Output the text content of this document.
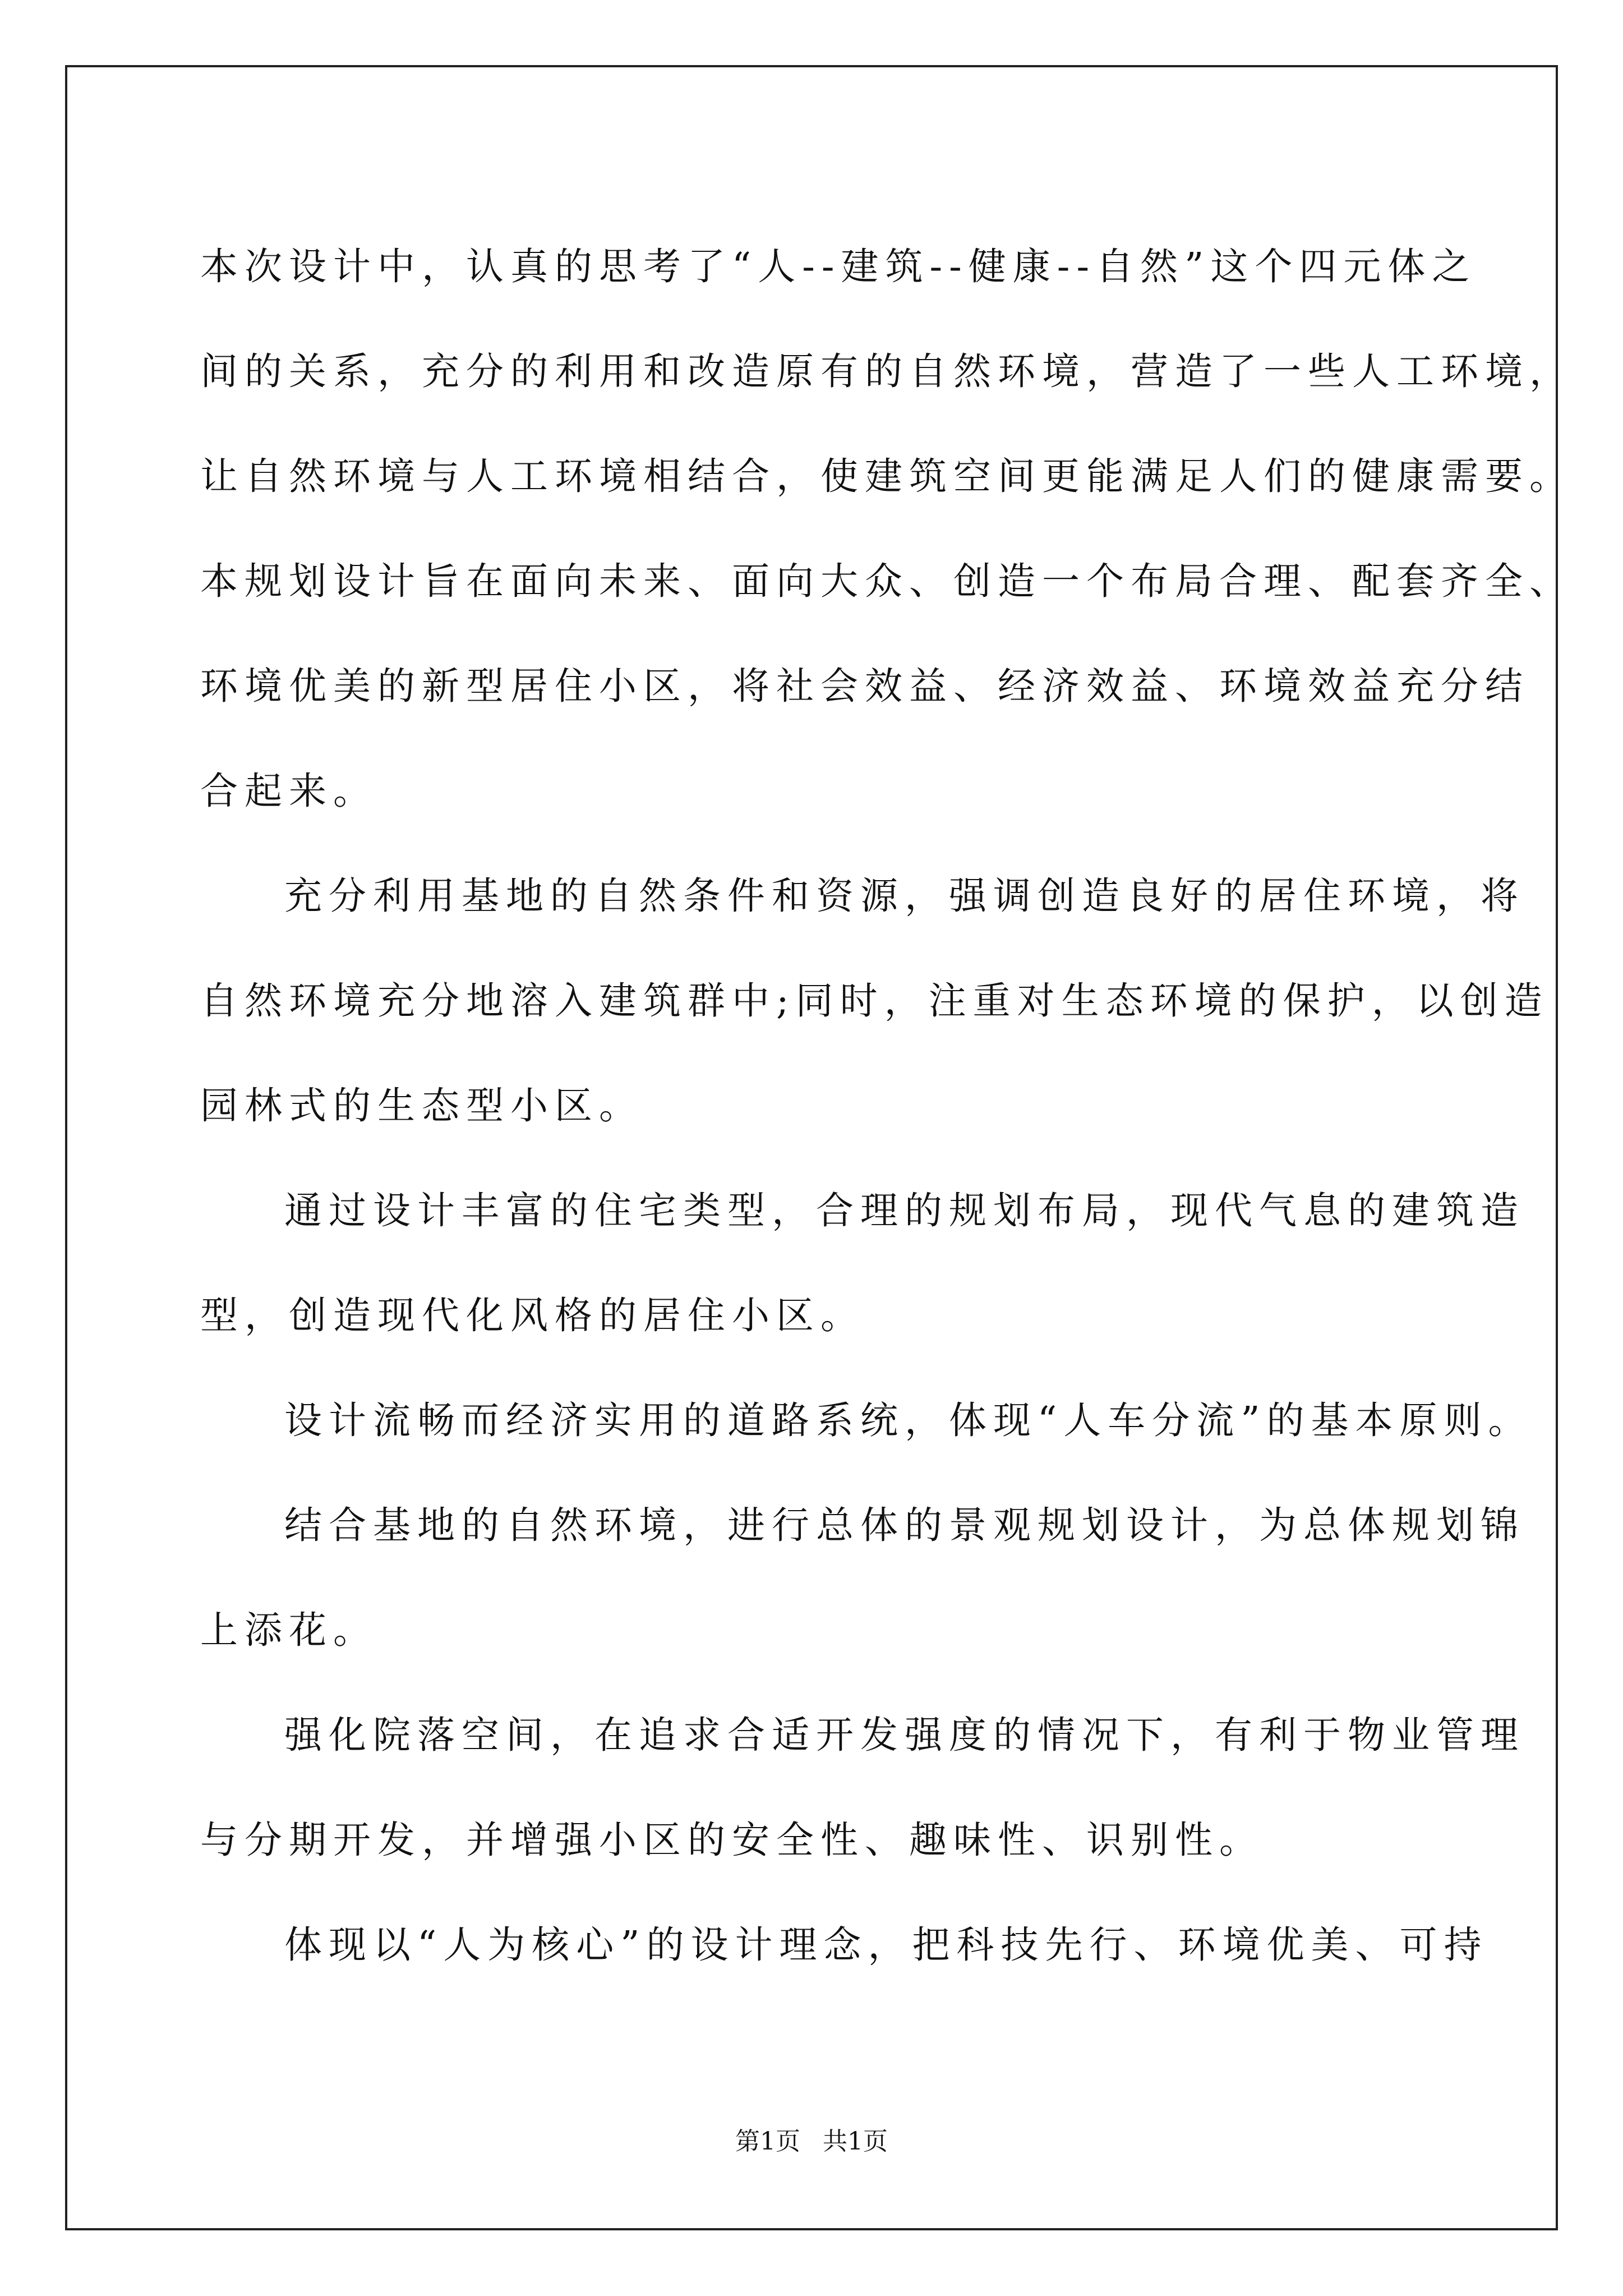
本次设计中，认真的思考了“人--建筑--健康--自然”这个四元体之

间的关系，充分的利用和改造原有的自然环境，营造了一些人工环境，

让自然环境与人工环境相结合，使建筑空间更能满足人们的健康需要。

本规划设计旨在面向未来、面向大众、创造一个布局合理、配套齐全、

环境优美的新型居住小区，将社会效益、经济效益、环境效益充分结

合起来。

充分利用基地的自然条件和资源，强调创造良好的居住环境，将

自然环境充分地溶入建筑群中;同时，注重对生态环境的保护，以创造

园林式的生态型小区。

通过设计丰富的住宅类型，合理的规划布局，现代气息的建筑造

型，创造现代化风格的居住小区。

设计流畅而经济实用的道路系统，体现“人车分流”的基本原则。

结合基地的自然环境，进行总体的景观规划设计，为总体规划锦

上添花。

强化院落空间，在追求合适开发强度的情况下，有利于物业管理

与分期开发，并增强小区的安全性、趣味性、识别性。

体现以“人为核心”的设计理念，把科技先行、环境优美、可持

第1页 共1页
